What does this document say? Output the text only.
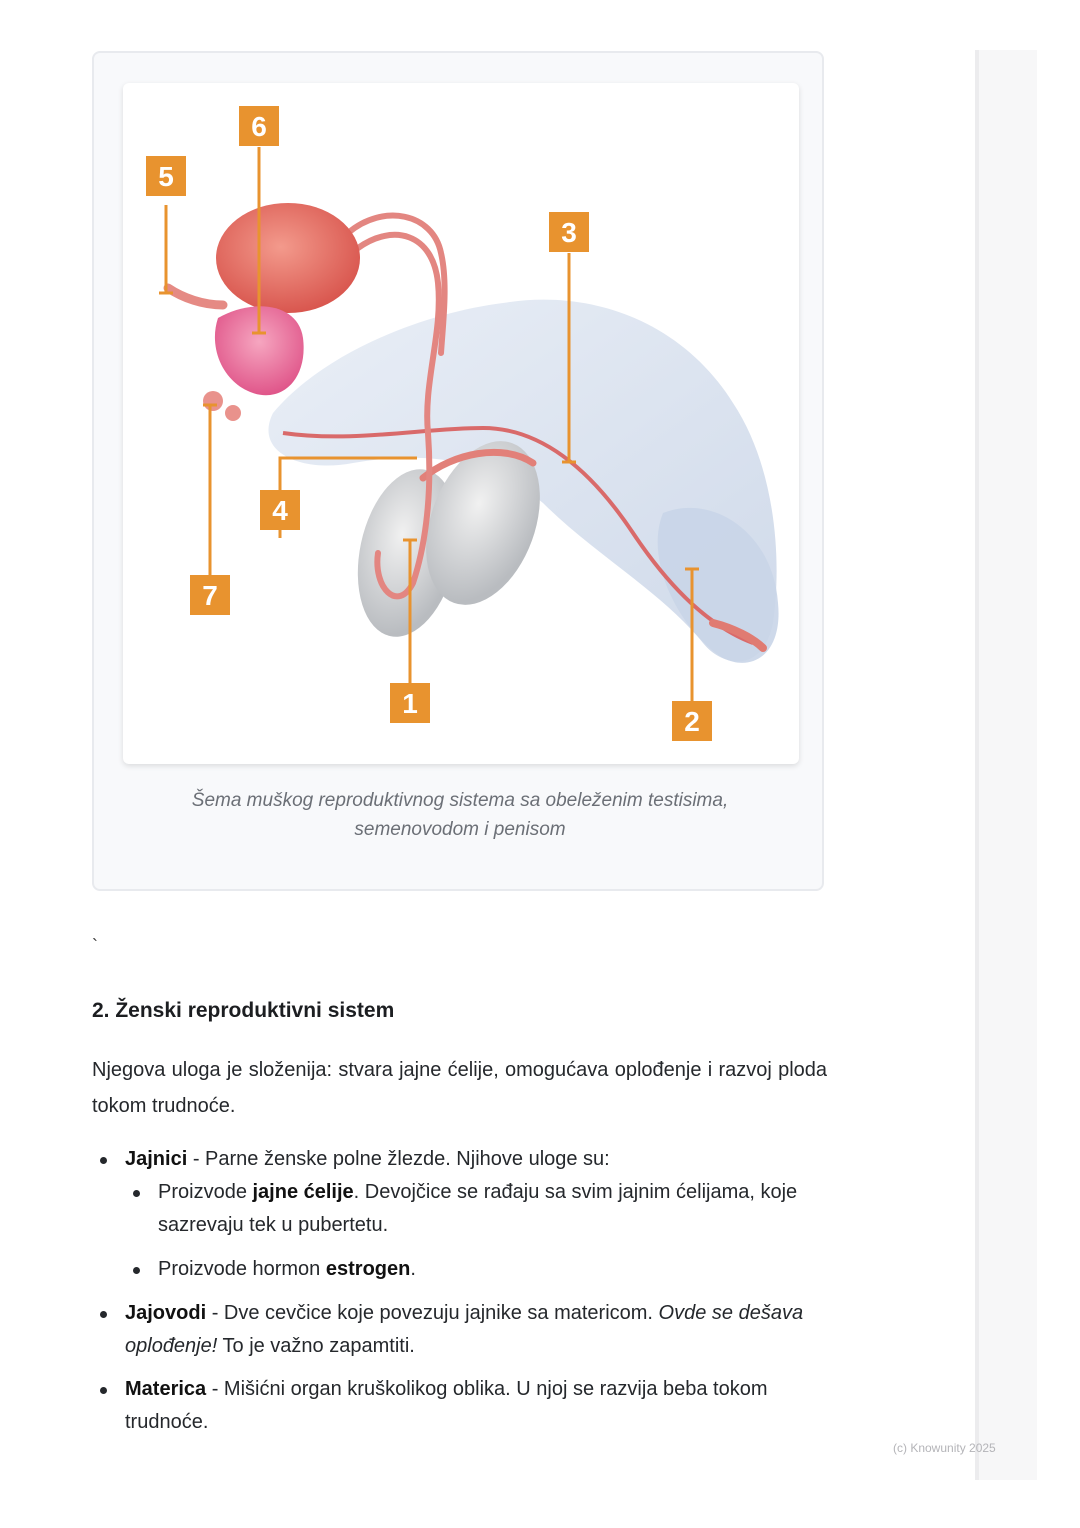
1
2
3
4
5
6
7
Šema muškog reproduktivnog sistema sa obeleženim testisima,
semenovodom i penisom
`
2. Ženski reproduktivni sistem

Njegova uloga je složenija: stvara jajne ćelije, omogućava oplođenje i razvoj ploda tokom trudnoće.

Jajnici - Parne ženske polne žlezde. Njihove uloge su:
Proizvode jajne ćelije. Devojčice se rađaju sa svim jajnim ćelijama, koje sazrevaju tek u pubertetu.
Proizvode hormon estrogen.
Jajovodi - Dve cevčice koje povezuju jajnike sa matericom. Ovde se dešava oplođenje! To je važno zapamtiti.
Materica - Mišićni organ kruškolikog oblika. U njoj se razvija beba tokom trudnoće.
(c) Knowunity 2025
